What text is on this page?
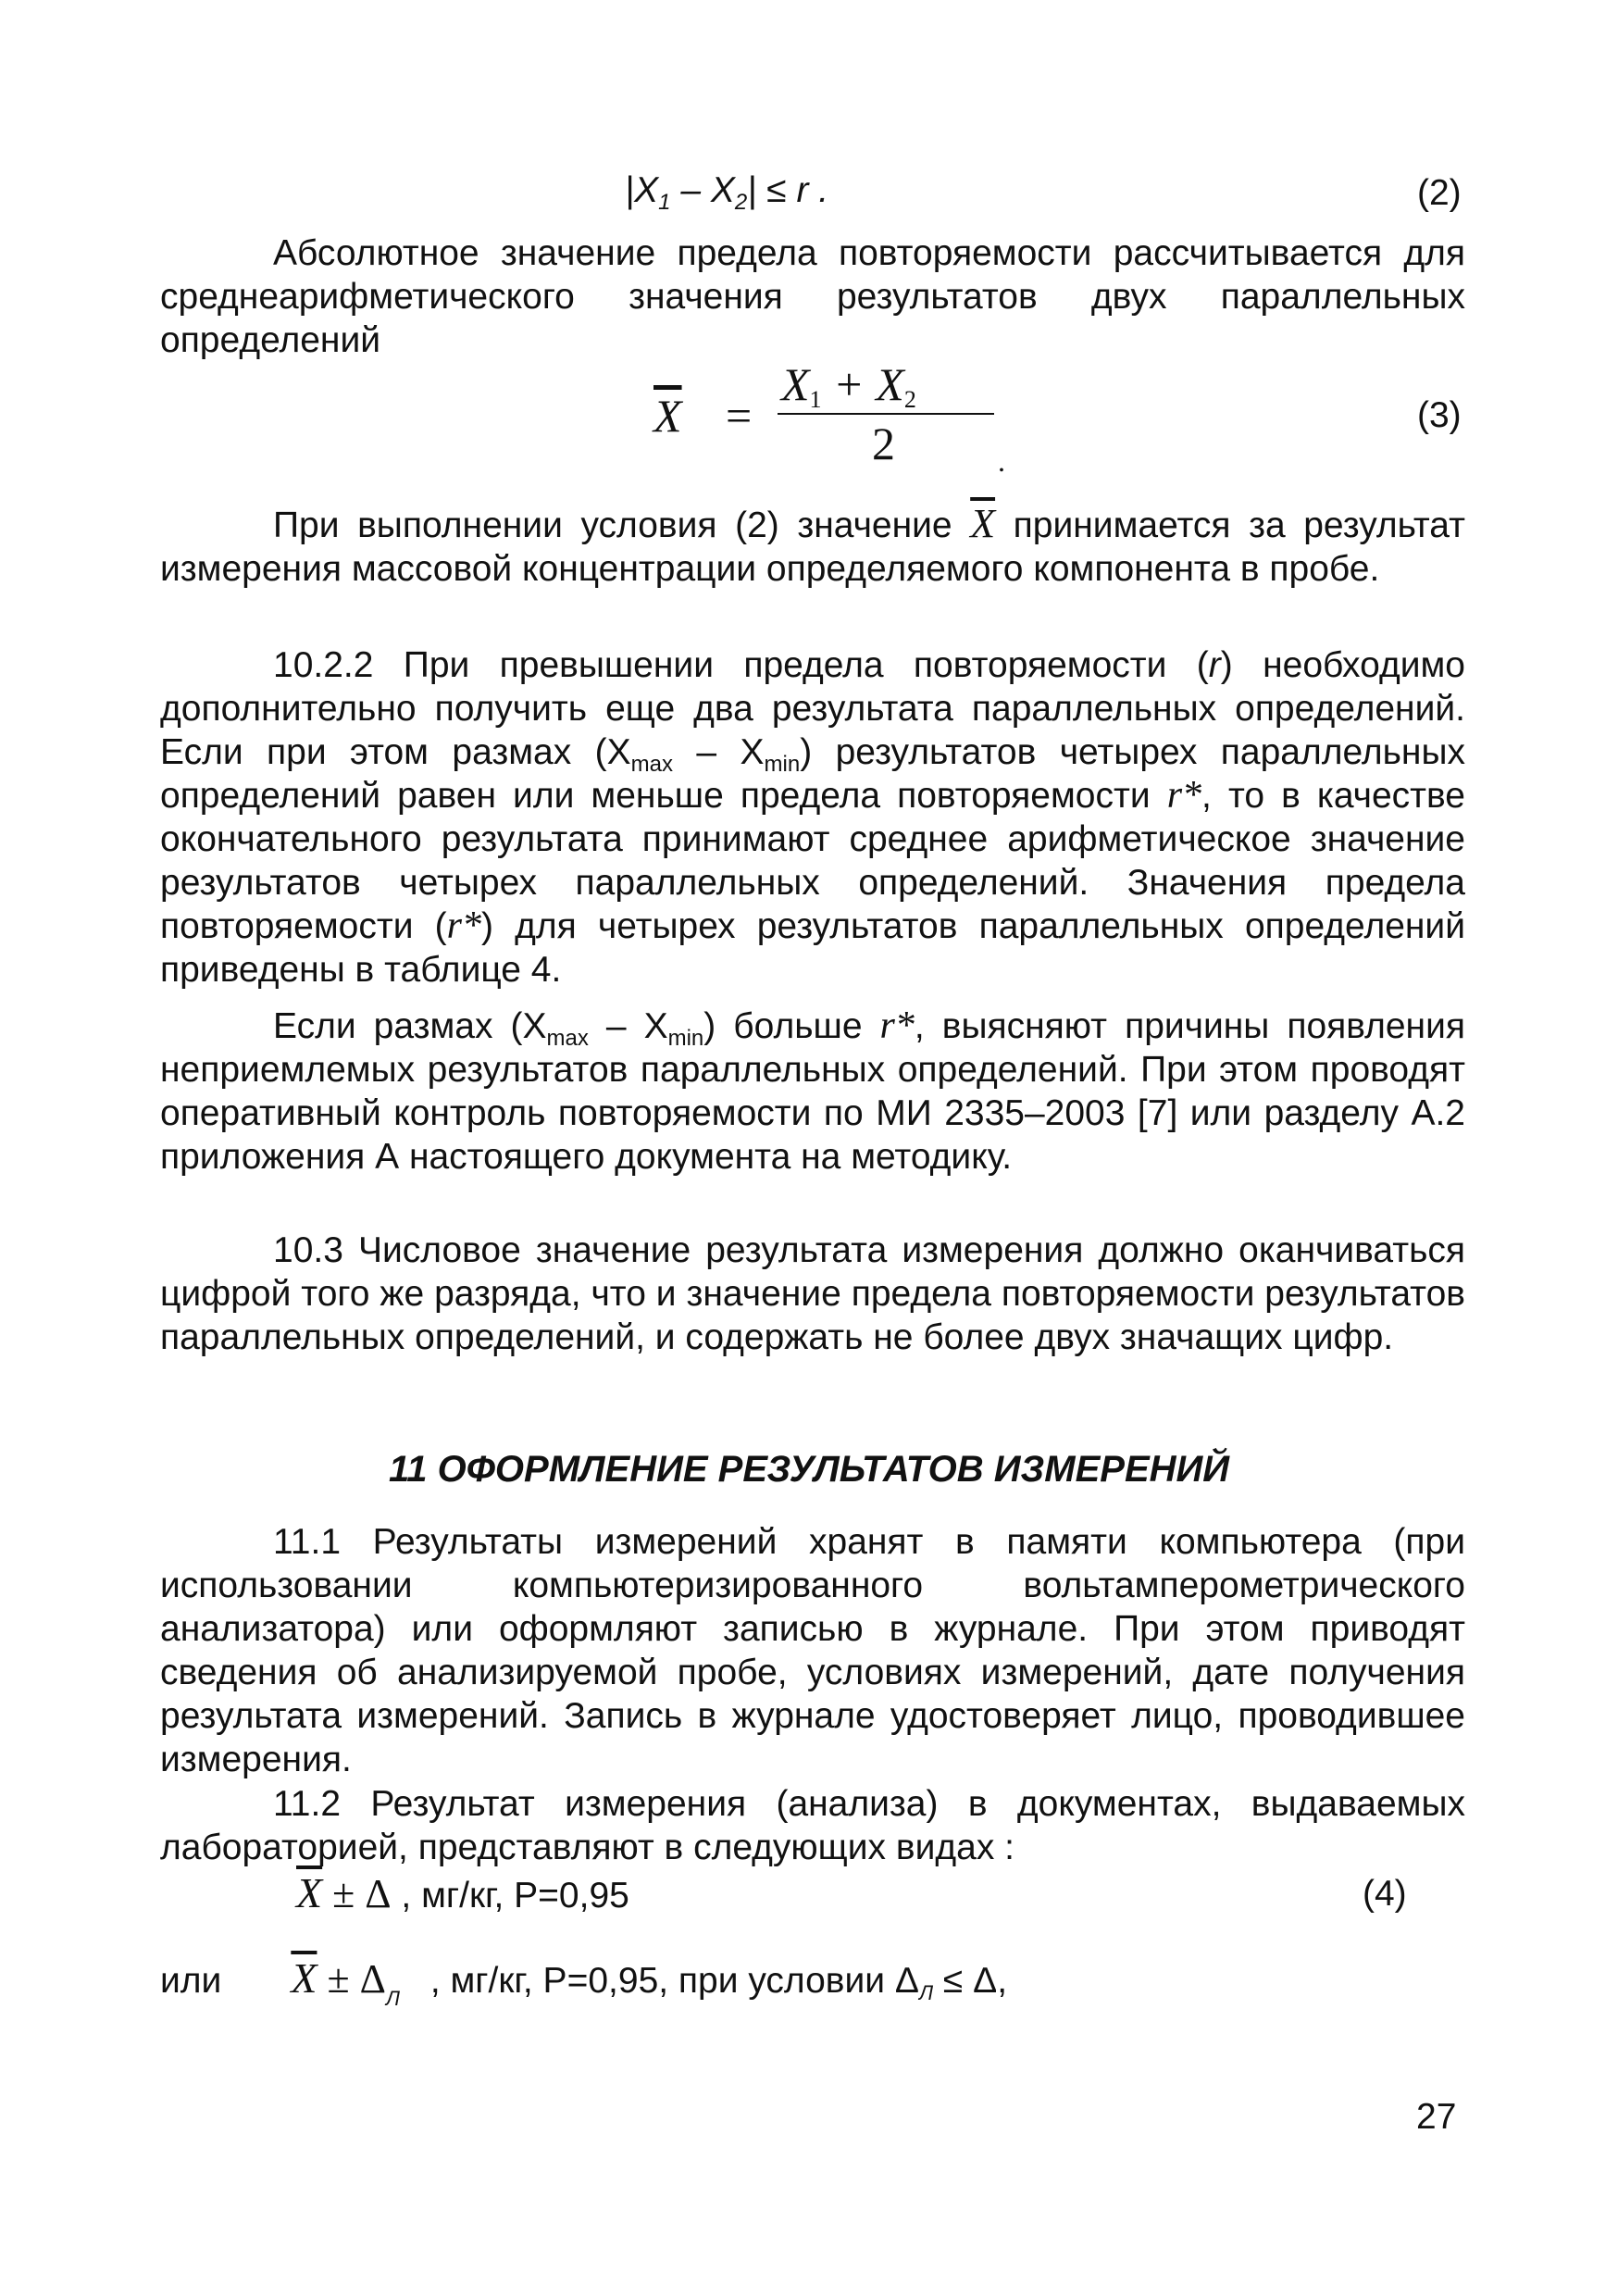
$|X_1 - X_2| \le r$ .	(2)
Абсолютное значение предела повторяемости рассчитывается для среднеарифметического значения результатов двух параллельных определений
$\overline{X}$ =
$X_1 + X_2$
2	.
(3)
При выполнении условия (2) значение $\overline{X}$ принимается за результат измерения массовой концентрации определяемого компонента в пробе.
10.2.2 При превышении предела повторяемости (r) необходимо дополнительно получить еще два результата параллельных определений. Если при этом размах $(X_{max} - X_{min})$ результатов четырех параллельных определений равен или меньше предела повторяемости r*, то в качестве окончательного результата принимают среднее арифметическое значение результатов четырех параллельных определений. Значения предела повторяемости (r*) для четырех результатов параллельных определений приведены в таблице 4.
Если размах $(X_{max} - X_{min})$ больше r*, выясняют причины появления неприемлемых результатов параллельных определений. При этом проводят оперативный контроль повторяемости по МИ 2335–2003 [7] или разделу А.2 приложения А настоящего документа на методику.
10.3 Числовое значение результата измерения должно оканчиваться цифрой того же разряда, что и значение предела повторяемости результатов параллельных определений, и содержать не более двух значащих цифр.
11 ОФОРМЛЕНИЕ РЕЗУЛЬТАТОВ ИЗМЕРЕНИЙ
11.1 Результаты измерений хранят в памяти компьютера (при использовании компьютеризированного вольтамперометрического анализатора) или оформляют записью в журнале. При этом приводят сведения об анализируемой пробе, условиях измерений, дате получения результата измерений. Запись в журнале удостоверяет лицо, проводившее измерения.
11.2 Результат измерения (анализа) в документах, выдаваемых лабораторией, представляют в следующих видах :
$\overline{X} \pm \Delta$ , мг/кг, Р=0,95	(4)
или $\overline{X} \pm \Delta_Л$ , мг/кг, Р=0,95, при условии $\Delta_Л \le \Delta$,
27
